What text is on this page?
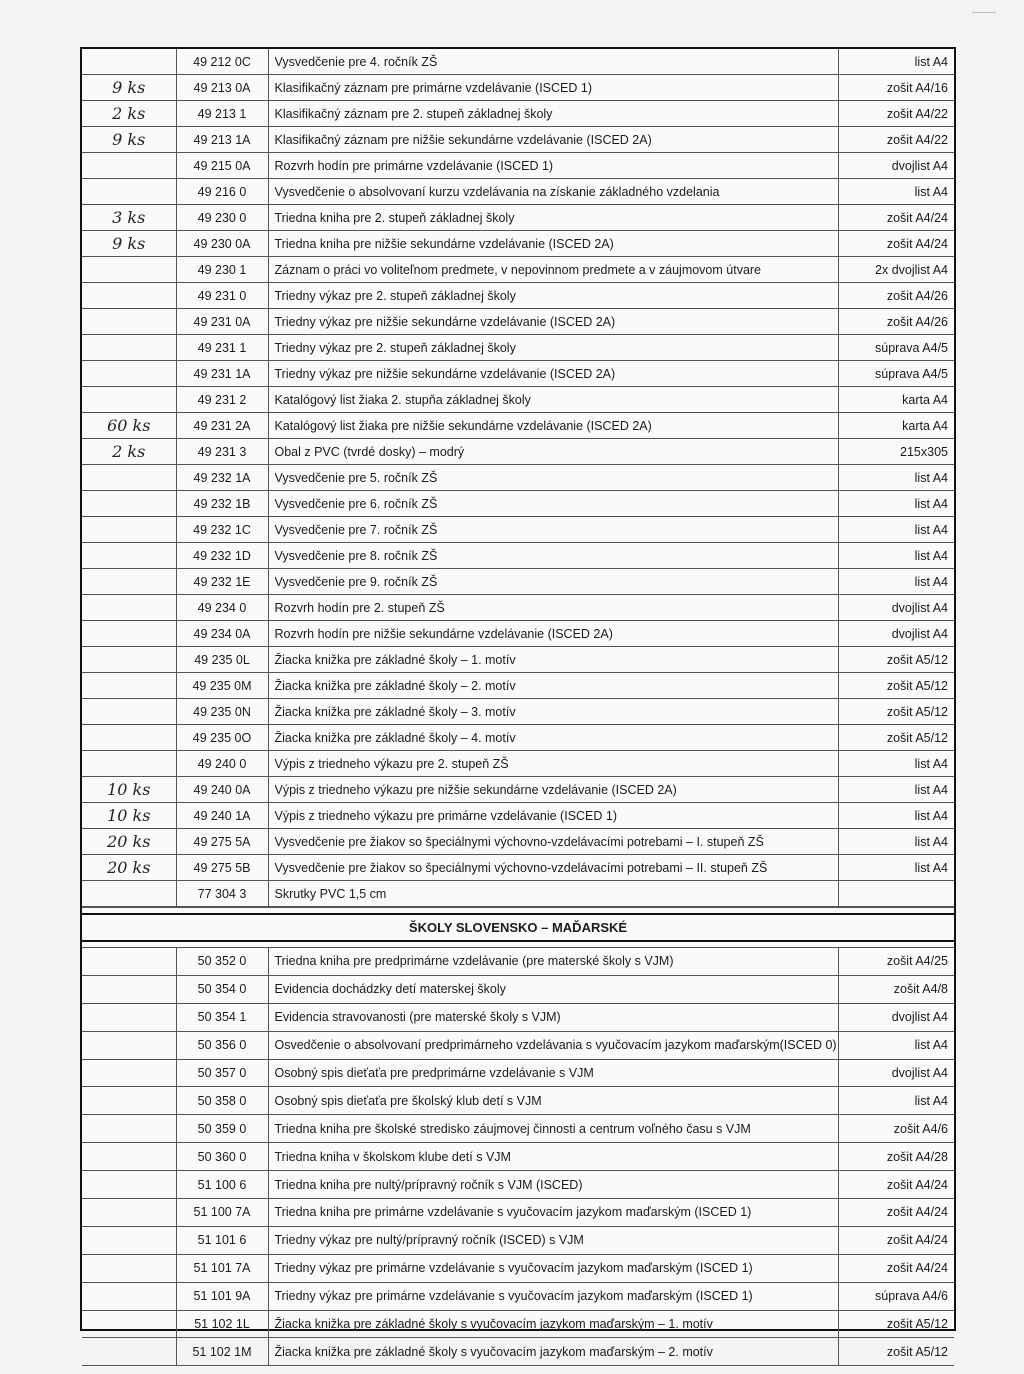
	49 212 0C	Vysvedčenie pre 4. ročník ZŠ	list A4
9 ks	49 213 0A	Klasifikačný záznam pre primárne vzdelávanie (ISCED 1)	zošit A4/16
2 ks	49 213 1	Klasifikačný záznam pre 2. stupeň základnej školy	zošit A4/22
9 ks	49 213 1A	Klasifikačný záznam pre nižšie sekundárne vzdelávanie (ISCED 2A)	zošit A4/22
	49 215 0A	Rozvrh hodín pre primárne vzdelávanie (ISCED 1)	dvojlist A4
	49 216 0	Vysvedčenie o absolvovaní kurzu vzdelávania na získanie základného vzdelania	list A4
3 ks	49 230 0	Triedna kniha pre 2. stupeň základnej školy	zošit A4/24
9 ks	49 230 0A	Triedna kniha pre nižšie sekundárne vzdelávanie (ISCED 2A)	zošit A4/24
	49 230 1	Záznam o práci vo voliteľnom predmete, v nepovinnom predmete a v záujmovom útvare	2x dvojlist A4
	49 231 0	Triedny výkaz pre 2. stupeň základnej školy	zošit A4/26
	49 231 0A	Triedny výkaz pre nižšie sekundárne vzdelávanie (ISCED 2A)	zošit A4/26
	49 231 1	Triedny výkaz pre 2. stupeň základnej školy	súprava A4/5
	49 231 1A	Triedny výkaz pre nižšie sekundárne vzdelávanie (ISCED 2A)	súprava A4/5
	49 231 2	Katalógový list žiaka 2. stupňa základnej školy	karta A4
60 ks	49 231 2A	Katalógový list žiaka pre nižšie sekundárne vzdelávanie (ISCED 2A)	karta A4
2 ks	49 231 3	Obal z PVC (tvrdé dosky) – modrý	215x305
	49 232 1A	Vysvedčenie pre 5. ročník ZŠ	list A4
	49 232 1B	Vysvedčenie pre 6. ročník ZŠ	list A4
	49 232 1C	Vysvedčenie pre 7. ročník ZŠ	list A4
	49 232 1D	Vysvedčenie pre 8. ročník ZŠ	list A4
	49 232 1E	Vysvedčenie pre 9. ročník ZŠ	list A4
	49 234 0	Rozvrh hodín pre 2. stupeň ZŠ	dvojlist A4
	49 234 0A	Rozvrh hodín pre nižšie sekundárne vzdelávanie (ISCED 2A)	dvojlist A4
	49 235 0L	Žiacka knižka pre základné školy – 1. motív	zošit A5/12
	49 235 0M	Žiacka knižka pre základné školy – 2. motív	zošit A5/12
	49 235 0N	Žiacka knižka pre základné školy – 3. motív	zošit A5/12
	49 235 0O	Žiacka knižka pre základné školy – 4. motív	zošit A5/12
	49 240 0	Výpis z triedneho výkazu pre 2. stupeň ZŠ	list A4
10 ks	49 240 0A	Výpis z triedneho výkazu pre nižšie sekundárne vzdelávanie (ISCED 2A)	list A4
10 ks	49 240 1A	Výpis z triedneho výkazu pre primárne vzdelávanie (ISCED 1)	list A4
20 ks	49 275 5A	Vysvedčenie pre žiakov so špeciálnymi výchovno-vzdelávacími potrebami – I. stupeň ZŠ	list A4
20 ks	49 275 5B	Vysvedčenie pre žiakov so špeciálnymi výchovno-vzdelávacími potrebami – II. stupeň ZŠ	list A4
	77 304 3	Skrutky PVC 1,5 cm	

ŠKOLY SLOVENSKO – MAĎARSKÉ			

	50 352 0	Triedna kniha pre predprimárne vzdelávanie (pre materské školy s VJM)	zošit A4/25
	50 354 0	Evidencia dochádzky detí materskej školy	zošit A4/8
	50 354 1	Evidencia stravovanosti (pre materské školy s VJM)	dvojlist A4
	50 356 0	Osvedčenie o absolvovaní predprimárneho vzdelávania s vyučovacím jazykom maďarským(ISCED 0)	list A4
	50 357 0	Osobný spis dieťaťa pre predprimárne vzdelávanie s VJM	dvojlist A4
	50 358 0	Osobný spis dieťaťa pre školský klub detí s VJM	list A4
	50 359 0	Triedna kniha pre školské stredisko záujmovej činnosti a centrum voľného času s VJM	zošit A4/6
	50 360 0	Triedna kniha v školskom klube detí s VJM	zošit A4/28
	51 100 6	Triedna kniha pre nultý/prípravný ročník s VJM (ISCED)	zošit A4/24
	51 100 7A	Triedna kniha pre primárne vzdelávanie s vyučovacím jazykom maďarským (ISCED 1)	zošit A4/24
	51 101 6	Triedny výkaz pre nultý/prípravný ročník (ISCED) s VJM	zošit A4/24
	51 101 7A	Triedny výkaz pre primárne vzdelávanie s vyučovacím jazykom maďarským (ISCED 1)	zošit A4/24
	51 101 9A	Triedny výkaz pre primárne vzdelávanie s vyučovacím jazykom maďarským (ISCED 1)	súprava A4/6
	51 102 1L	Žiacka knižka pre základné školy s vyučovacím jazykom maďarským – 1. motív	zošit A5/12
	51 102 1M	Žiacka knižka pre základné školy s vyučovacím jazykom maďarským – 2. motív	zošit A5/12
